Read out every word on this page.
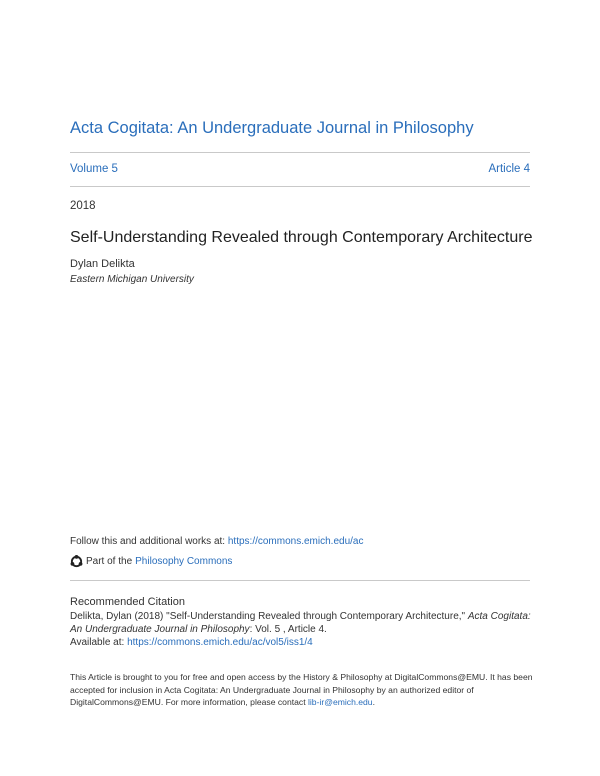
Acta Cogitata: An Undergraduate Journal in Philosophy
Volume 5	Article 4
2018
Self-Understanding Revealed through Contemporary Architecture
Dylan Delikta
Eastern Michigan University
Follow this and additional works at: https://commons.emich.edu/ac
Part of the Philosophy Commons
Recommended Citation
Delikta, Dylan (2018) "Self-Understanding Revealed through Contemporary Architecture," Acta Cogitata:
An Undergraduate Journal in Philosophy: Vol. 5 , Article 4.
Available at: https://commons.emich.edu/ac/vol5/iss1/4
This Article is brought to you for free and open access by the History & Philosophy at DigitalCommons@EMU. It has been accepted for inclusion in Acta Cogitata: An Undergraduate Journal in Philosophy by an authorized editor of DigitalCommons@EMU. For more information, please contact lib-ir@emich.edu.
